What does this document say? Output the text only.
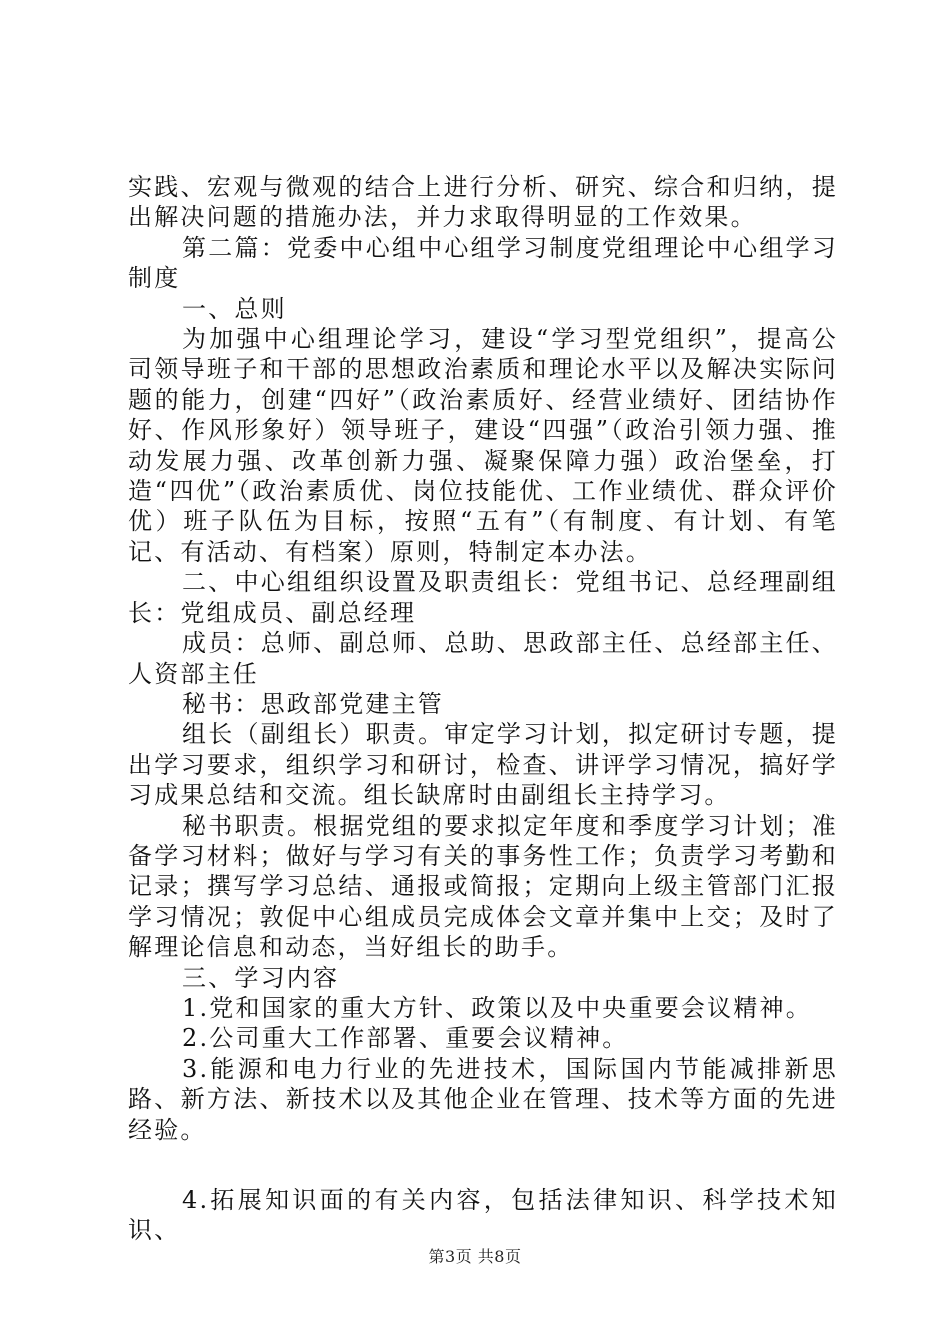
实践、宏观与微观的结合上进行分析、研究、综合和归纳，提出解决问题的措施办法，并力求取得明显的工作效果。

第二篇：党委中心组中心组学习制度党组理论中心组学习制度

一、总则

为加强中心组理论学习，建设“学习型党组织”，提高公司领导班子和干部的思想政治素质和理论水平以及解决实际问题的能力，创建“四好”（政治素质好、经营业绩好、团结协作好、作风形象好）领导班子，建设“四强”（政治引领力强、推动发展力强、改革创新力强、凝聚保障力强）政治堡垒，打造“四优”（政治素质优、岗位技能优、工作业绩优、群众评价优）班子队伍为目标，按照“五有”（有制度、有计划、有笔记、有活动、有档案）原则，特制定本办法。

二、中心组组织设置及职责组长：党组书记、总经理副组长：党组成员、副总经理

成员：总师、副总师、总助、思政部主任、总经部主任、人资部主任

秘书：思政部党建主管

组长（副组长）职责。审定学习计划，拟定研讨专题，提出学习要求，组织学习和研讨，检查、讲评学习情况，搞好学习成果总结和交流。组长缺席时由副组长主持学习。

秘书职责。根据党组的要求拟定年度和季度学习计划；准备学习材料；做好与学习有关的事务性工作；负责学习考勤和记录；撰写学习总结、通报或简报；定期向上级主管部门汇报学习情况；敦促中心组成员完成体会文章并集中上交；及时了解理论信息和动态，当好组长的助手。

三、学习内容

1.党和国家的重大方针、政策以及中央重要会议精神。

2.公司重大工作部署、重要会议精神。

3.能源和电力行业的先进技术，国际国内节能减排新思路、新方法、新技术以及其他企业在管理、技术等方面的先进经验。

4.拓展知识面的有关内容，包括法律知识、科学技术知识、

第3页 共8页
